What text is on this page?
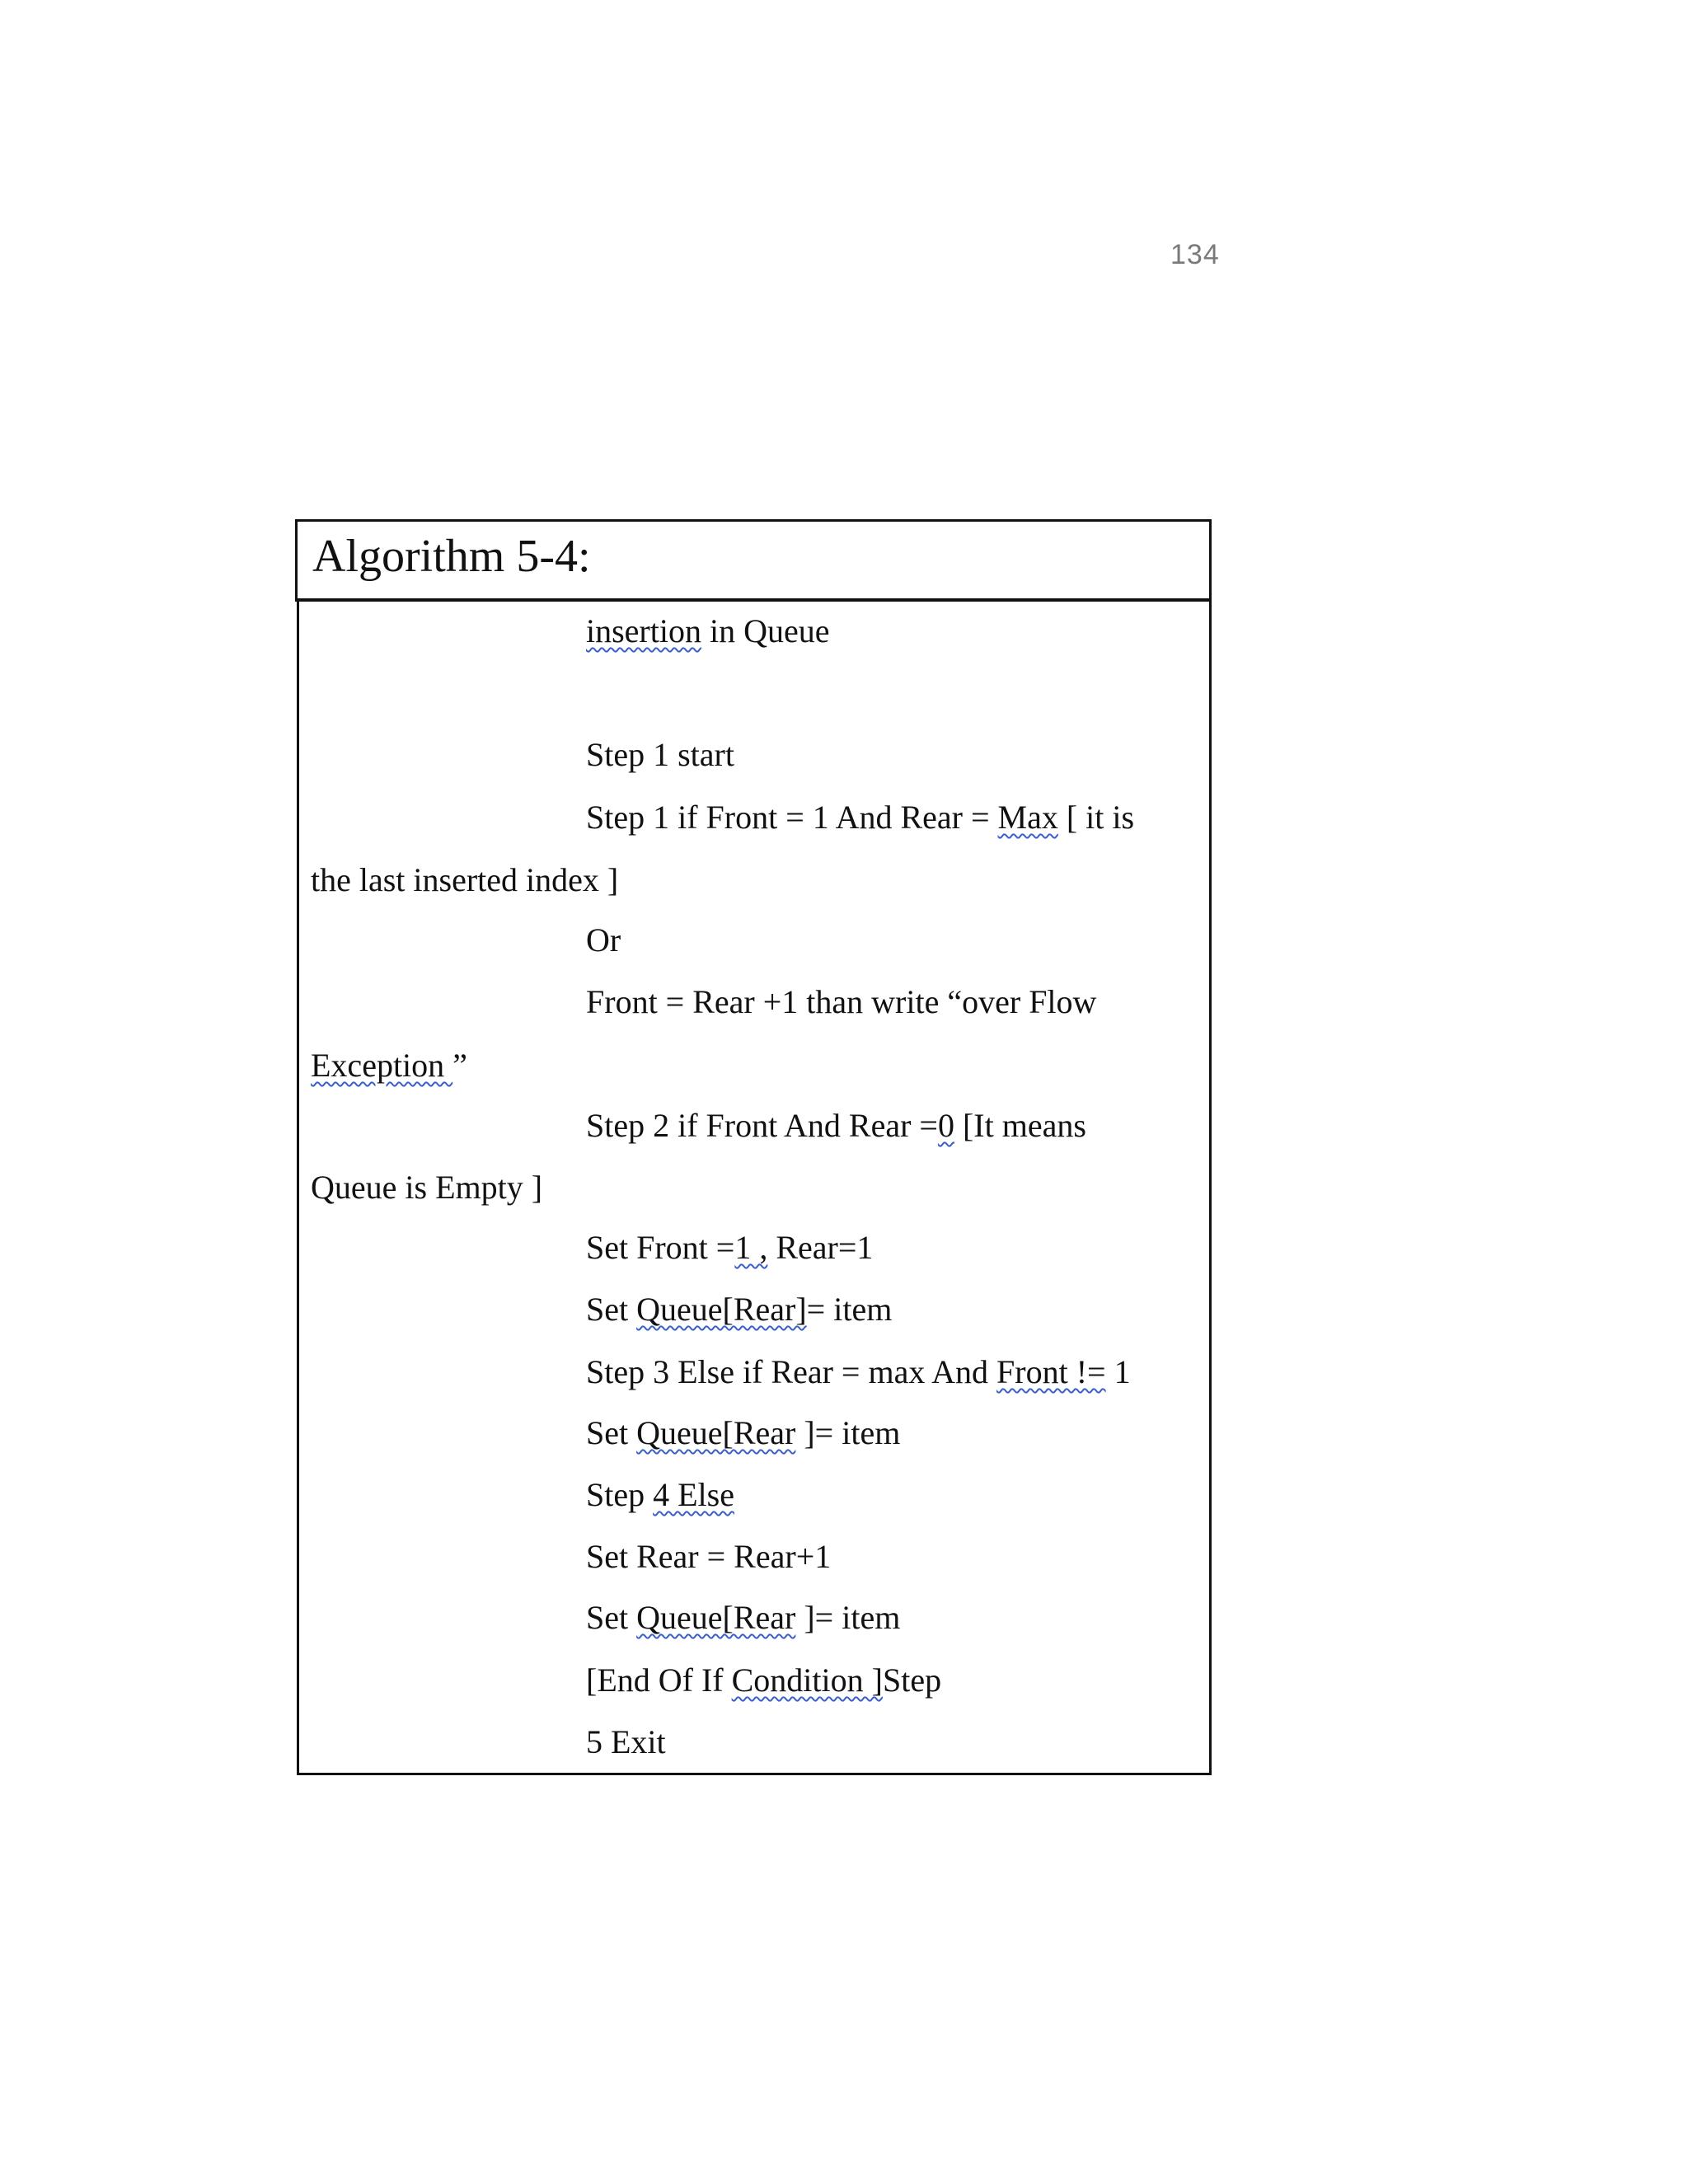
134
Algorithm 5-4:
insertion in Queue
Step 1 start
Step 1 if Front = 1 And Rear = Max [ it is
the last inserted index ]
Or
Front = Rear +1 than write “over Flow
Exception ”
Step 2 if Front And Rear =0 [It means
Queue is Empty ]
Set Front =1 , Rear=1
Set Queue[Rear]= item
Step 3 Else if Rear = max And Front != 1
Set Queue[Rear ]= item
Step 4 Else
Set Rear = Rear+1
Set Queue[Rear ]= item
[End Of If Condition ]Step
5 Exit
